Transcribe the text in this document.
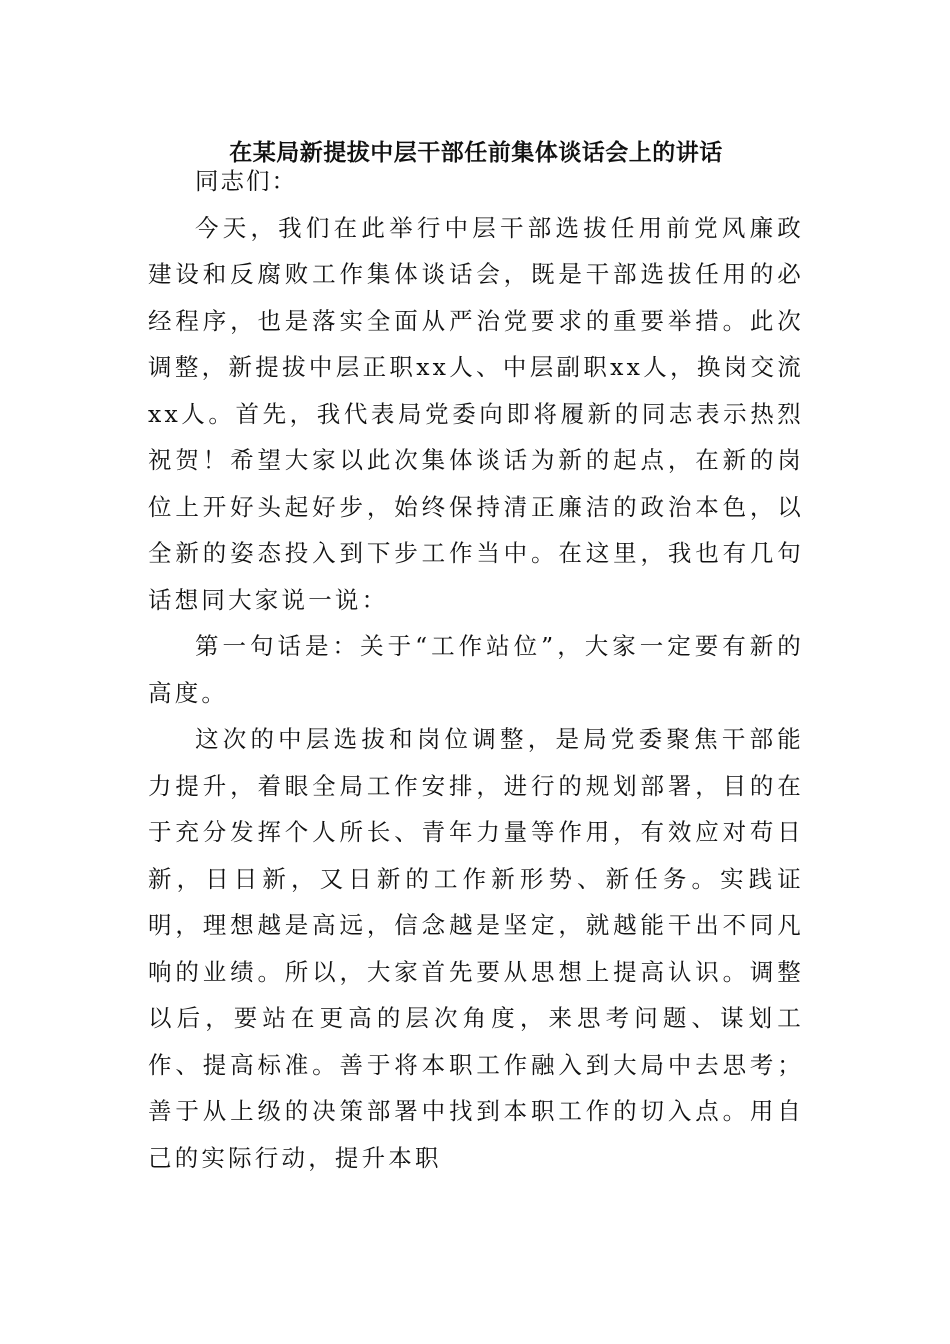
在某局新提拔中层干部任前集体谈话会上的讲话

同志们：

今天，我们在此举行中层干部选拔任用前党风廉政建设和反腐败工作集体谈话会，既是干部选拔任用的必经程序，也是落实全面从严治党要求的重要举措。此次调整，新提拔中层正职xx人、中层副职xx人，换岗交流xx人。首先，我代表局党委向即将履新的同志表示热烈祝贺！希望大家以此次集体谈话为新的起点，在新的岗位上开好头起好步，始终保持清正廉洁的政治本色，以全新的姿态投入到下步工作当中。在这里，我也有几句话想同大家说一说：

第一句话是：关于“工作站位”，大家一定要有新的高度。

这次的中层选拔和岗位调整，是局党委聚焦干部能力提升，着眼全局工作安排，进行的规划部署，目的在于充分发挥个人所长、青年力量等作用，有效应对苟日新，日日新，又日新的工作新形势、新任务。实践证明，理想越是高远，信念越是坚定，就越能干出不同凡响的业绩。所以，大家首先要从思想上提高认识。调整以后，要站在更高的层次角度，来思考问题、谋划工作、提高标准。善于将本职工作融入到大局中去思考；善于从上级的决策部署中找到本职工作的切入点。用自己的实际行动，提升本职
